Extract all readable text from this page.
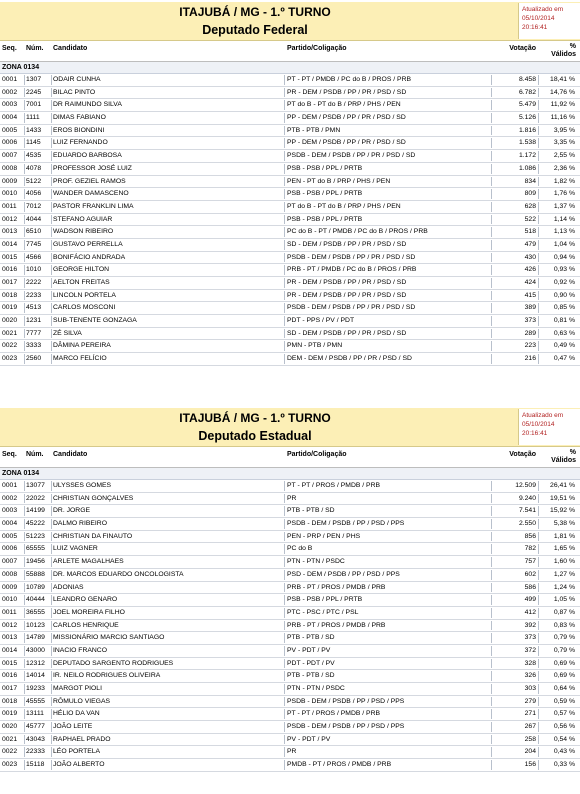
ITAJUBÁ / MG - 1.º TURNO
Deputado Federal
Atualizado em
05/10/2014
20:16:41
Seq. Núm. Candidato	Partido/Coligação	Votação	%
Válidos
ZONA 0134
0001 1307 ODAIR CUNHA	PT - PT / PMDB / PC do B / PROS / PRB	8.458 18,41 %
0002 2245 BILAC PINTO	PR - DEM / PSDB / PP / PR / PSD / SD	6.782 14,76 %
0003 7001 DR RAIMUNDO SILVA	PT do B - PT do B / PRP / PHS / PEN	5.479 11,92 %
0004 1111 DIMAS FABIANO	PP - DEM / PSDB / PP / PR / PSD / SD	5.126 11,16 %
0005 1433 EROS BIONDINI	PTB - PTB / PMN	1.816	3,95 %
0006 1145 LUIZ FERNANDO	PP - DEM / PSDB / PP / PR / PSD / SD	1.538	3,35 %
0007 4535 EDUARDO BARBOSA	PSDB - DEM / PSDB / PP / PR / PSD / SD	1.172	2,55 %
0008 4078 PROFESSOR JOSÉ LUIZ	PSB - PSB / PPL / PRTB	1.086	2,36 %
0009 5122 PROF. GEZIEL RAMOS	PEN - PT do B / PRP / PHS / PEN	834	1,82 %
0010 4056 WANDER DAMASCENO	PSB - PSB / PPL / PRTB	809	1,76 %
0011 7012 PASTOR FRANKLIN LIMA	PT do B - PT do B / PRP / PHS / PEN	628	1,37 %
0012 4044 STEFANO AGUIAR	PSB - PSB / PPL / PRTB	522	1,14 %
0013 6510 WADSON RIBEIRO	PC do B - PT / PMDB / PC do B / PROS / PRB	518	1,13 %
0014 7745 GUSTAVO PERRELLA	SD - DEM / PSDB / PP / PR / PSD / SD	479	1,04 %
0015 4566 BONIFÁCIO ANDRADA	PSDB - DEM / PSDB / PP / PR / PSD / SD	430	0,94 %
0016 1010 GEORGE HILTON	PRB - PT / PMDB / PC do B / PROS / PRB	426	0,93 %
0017 2222 AELTON FREITAS	PR - DEM / PSDB / PP / PR / PSD / SD	424	0,92 %
0018 2233 LINCOLN PORTELA	PR - DEM / PSDB / PP / PR / PSD / SD	415	0,90 %
0019 4513 CARLOS MOSCONI	PSDB - DEM / PSDB / PP / PR / PSD / SD	389	0,85 %
0020 1231 SUB-TENENTE GONZAGA	PDT - PPS / PV / PDT	373	0,81 %
0021 7777 ZÉ SILVA	SD - DEM / PSDB / PP / PR / PSD / SD	289	0,63 %
0022 3333 DÂMINA PEREIRA	PMN - PTB / PMN	223	0,49 %
0023 2560 MARCO FELÍCIO	DEM - DEM / PSDB / PP / PR / PSD / SD	216	0,47 %
ITAJUBÁ / MG - 1.º TURNO
Deputado Estadual
Atualizado em
05/10/2014
20:16:41
Seq. Núm. Candidato	Partido/Coligação	Votação	%
Válidos
ZONA 0134
0001 13077 ULYSSES GOMES	PT - PT / PROS / PMDB / PRB	12.509 26,41 %
0002 22022 CHRISTIAN GONÇALVES	PR	9.240 19,51 %
0003 14199 DR. JORGE	PTB - PTB / SD	7.541 15,92 %
0004 45222 DALMO RIBEIRO	PSDB - DEM / PSDB / PP / PSD / PPS	2.550	5,38 %
0005 51223 CHRISTIAN DA FINAUTO	PEN - PRP / PEN / PHS	856	1,81 %
0006 65555 LUIZ VAGNER	PC do B	782	1,65 %
0007 19456 ARLETE MAGALHAES	PTN - PTN / PSDC	757	1,60 %
0008 55888 DR. MARCOS EDUARDO ONCOLOGISTA	PSD - DEM / PSDB / PP / PSD / PPS	602	1,27 %
0009 10789 ADONIAS	PRB - PT / PROS / PMDB / PRB	586	1,24 %
0010 40444 LEANDRO GENARO	PSB - PSB / PPL / PRTB	499	1,05 %
0011 36555 JOEL MOREIRA FILHO	PTC - PSC / PTC / PSL	412	0,87 %
0012 10123 CARLOS HENRIQUE	PRB - PT / PROS / PMDB / PRB	392	0,83 %
0013 14789 MISSIONÁRIO MARCIO SANTIAGO	PTB - PTB / SD	373	0,79 %
0014 43000 INACIO FRANCO	PV - PDT / PV	372	0,79 %
0015 12312 DEPUTADO SARGENTO RODRIGUES	PDT - PDT / PV	328	0,69 %
0016 14014 IR. NEILO RODRIGUES OLIVEIRA	PTB - PTB / SD	326	0,69 %
0017 19233 MARGOT PIOLI	PTN - PTN / PSDC	303	0,64 %
0018 45555 RÔMULO VIEGAS	PSDB - DEM / PSDB / PP / PSD / PPS	279	0,59 %
0019 13111 HÉLIO DA VAN	PT - PT / PROS / PMDB / PRB	271	0,57 %
0020 45777 JOÃO LEITE	PSDB - DEM / PSDB / PP / PSD / PPS	267	0,56 %
0021 43043 RAPHAEL PRADO	PV - PDT / PV	258	0,54 %
0022 22333 LÉO PORTELA	PR	204	0,43 %
0023 15118 JOÃO ALBERTO	PMDB - PT / PROS / PMDB / PRB	156	0,33 %
